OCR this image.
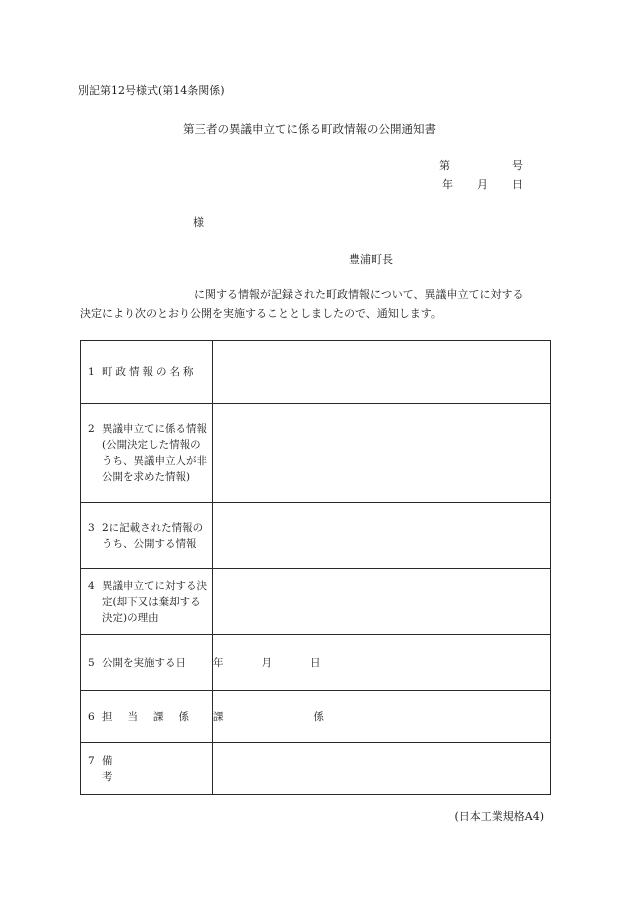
別記第12号様式(第14条関係)
第三者の異議申立てに係る町政情報の公開通知書
第	号
年 月 日
様
豊浦町長
に関する情報が記録された町政情報について、異議申立てに対する
決定により次のとおり公開を実施することとしましたので、通知します。
1 町政情報の名称	

2 異議申立てに係る情報(公開決定した情報のうち、異議申立人が非公開を求めた情報)	

3 2に記載された情報のうち、公開する情報	

4 異議申立てに対する決定(却下又は棄却する決定)の理由	

5 公開を実施する日	年 月 日

6 担当課係	課 係

7 備考	

(日本工業規格A4)
